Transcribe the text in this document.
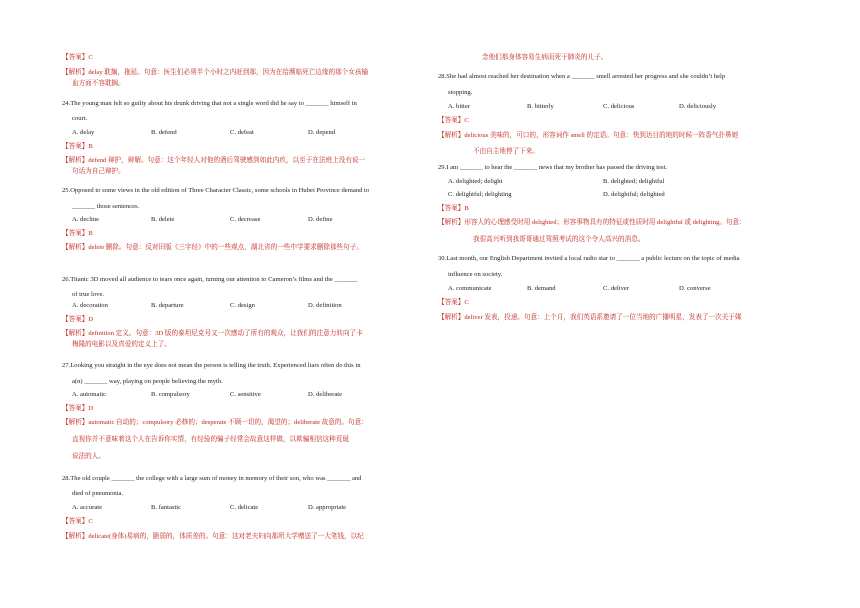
【答案】C
【解析】delay 耽搁，拖延。句意：医生们必须半个小时之内赶到那，因为在给濒临死亡边缘的那个女孩输
血方面不容耽搁。
24.The young man felt so guilty about his drunk driving that not a single word did he say to _______ himself in
court.
A. delay	B. defend	C. defeat	D. depend
【答案】B
【解析】defend 辩护，辩解。句意：这个年轻人对他的酒后驾驶感到如此内疚，以至于在法庭上没有说一
句话为自己辩护。
25.Opposed to some views in the old edition of Three Character Classic, some schools in Hubei Province demand to
_______ those sentences.
A. decline	B. delete	C. decrease	D. define
【答案】B
【解析】delete 删除。句意：反对旧版《三字经》中的一些观点，湖北省的一些中学要求删除那些句子。
26.Titanic 3D moved all audience to tears once again, turning our attention to Cameron’s films and the _______
of true love.
A. decoration	B. departure	C. design	D. definition
【答案】D
【解析】definition 定义。句意：3D 版的泰坦尼克号又一次感动了所有的观众，让我们的注意力转向了卡
梅隆的电影以及真爱的定义上了。
27.Looking you straight in the eye does not mean the person is telling the truth. Experienced liars often do this in
a(n) _______ way, playing on people believing the myth.
A. automatic	B. compulsory	C. sensitive	D. deliberate
【答案】D
【解析】automatic 自动的；compulsory 必修的；desperate 不顾一切的，渴望的；deliberate 故意的。句意：
直视你并不意味着这个人在告诉你实情，有经验的骗子经常会故意这样做，以欺骗相信这种荒诞
说法的人。
28.The old couple _______ the college with a large sum of money in memory of their son, who was _______ and
died of pneumonia.
A. accurate	B. fantastic	C. delicate	D. appropriate
【答案】C
【解析】delicate(身体)易病的，脆弱的，体质差的。句意：这对老夫妇向那所大学赠送了一大笔钱，以纪
念他们那身体容易生病而死于肺炎的儿子。
28.She had almost reached her destination when a _______ smell arrested her progress and she couldn’t help
stopping.
A. bitter	B. bitterly	C. delicious	D. deliciously
【答案】C
【解析】delicious 美味的，可口的，形容词作 smell 的定语。句意：快到达目的地的时候一阵香气扑鼻她
不由自主地停了下来。
29.I am _______ to hear the _______ news that my brother has passed the driving test.
A. delighted; delight	B. delighted; delightful
C. delightful; delighting	D. delightful; delighted
【答案】B
【解析】形容人的心理感受时用 delighted；形容事物具有的特征或性质时用 delightful 或 delighting。句意：
我很高兴听到我哥哥通过驾照考试的这个令人高兴的消息。
30.Last month, our English Department invited a local radio star to _______ a public lecture on the topic of media
influence on society.
A. communicate	B. demand	C. deliver	D. converse
【答案】C
【解析】deliver 发表，投递。句意：上个月，我们英语系邀请了一位当地的广播明星，发表了一次关于媒
